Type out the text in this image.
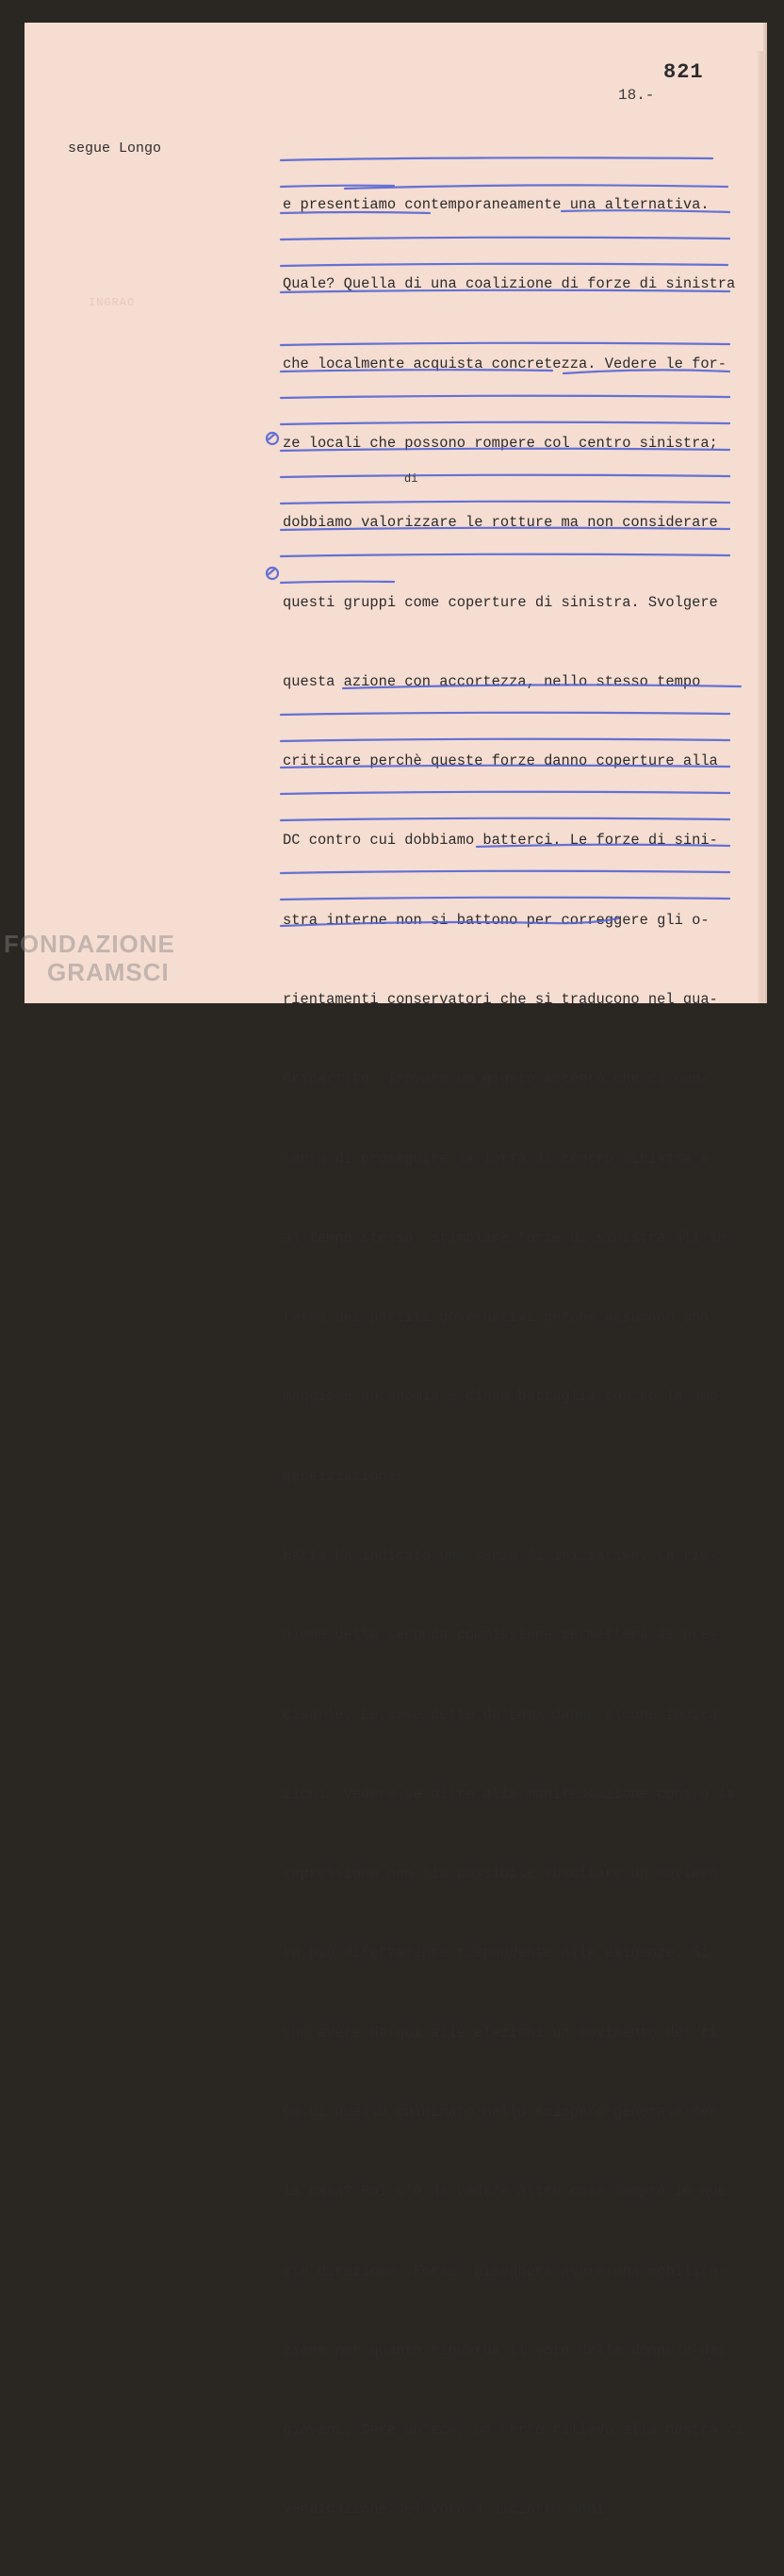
821
18.-
segue Longo
INGRAO

e presentiamo contemporaneamente una alternativa.

Quale? Quella di una coalizione di forze di sinistra

che localmente acquista concretezza. Vedere le for-

ze locali che possono rompere col centro sinistra;

dobbiamo valorizzare le rotture ma non considerare

questi gruppi come coperture di sinistra. Svolgere

questa azione con accortezza, nello stesso tempo

criticare perchè queste forze danno coperture alla

DC contro cui dobbiamo batterci. Le forze di sini-

stra interne non si battono per correggere gli o-

rientamenti conservatori che si traducono nel qua-

dripartito. Trovare un giusto accento che ci con-

senta di proseguire la lotta al centro sinistra e

al tempo stesso  stimolare forze di sinistra all'in

terno dei partiti governativi perchè assumano una

maggiore autonomia e diano battaglia contro la omo

geneizzazione.

Natta ha indicato una serie di iniziative. La riu-

nione della seconda commissione permetterà di pre-

cisarle. Le cose dette da Lama danno alcune indica

zioni. Vedere se oltre alla manifestazione contro la

repressione non sia possibile suscitare un movimen

to più direttamente rispondente alle esigenze. Si

può avere da qui alle elezioni un movimento del ti

po di quello culminato nello sciopero generale per

la casa? Poi c'è da vedere altre cose sempre in que

sta direzione. Forse  bisognerà avere una mobilita-

zione per quanto riguarda il voto delle donne e dei

giovani. Dare un'eco, un certo rilievo alla nostra ri

vendicazione del voto a diciotto anni.

di
FONDAZIONE
GRAMSCI
